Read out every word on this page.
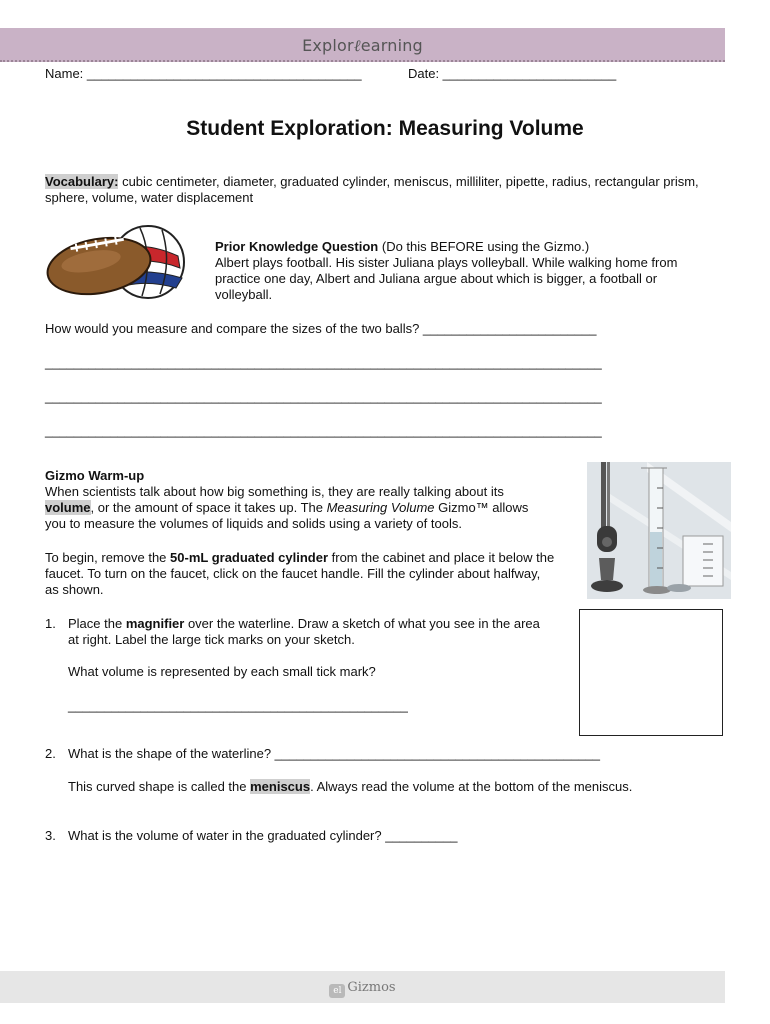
Explorℓearning
Name: ______________________________________	Date: ________________________
Student Exploration: Measuring Volume
Vocabulary: cubic centimeter, diameter, graduated cylinder, meniscus, milliliter, pipette, radius, rectangular prism, sphere, volume, water displacement
Prior Knowledge Question (Do this BEFORE using the Gizmo.)
Albert plays football. His sister Juliana plays volleyball. While walking home from practice one day, Albert and Juliana argue about which is bigger, a football or volleyball.
How would you measure and compare the sizes of the two balls? ________________________
_____________________________________________________________________________
_____________________________________________________________________________
_____________________________________________________________________________
Gizmo Warm-up
When scientists talk about how big something is, they are really talking about its volume, or the amount of space it takes up. The Measuring Volume Gizmo™ allows you to measure the volumes of liquids and solids using a variety of tools.
To begin, remove the 50-mL graduated cylinder from the cabinet and place it below the faucet. To turn on the faucet, click on the faucet handle. Fill the cylinder about halfway, as shown.
1. Place the magnifier over the waterline. Draw a sketch of what you see in the area at right. Label the large tick marks on your sketch.
What volume is represented by each small tick mark?
_______________________________________________
2. What is the shape of the waterline? _____________________________________________
This curved shape is called the meniscus. Always read the volume at the bottom of the meniscus.
3. What is the volume of water in the graduated cylinder? __________
el Gizmos
